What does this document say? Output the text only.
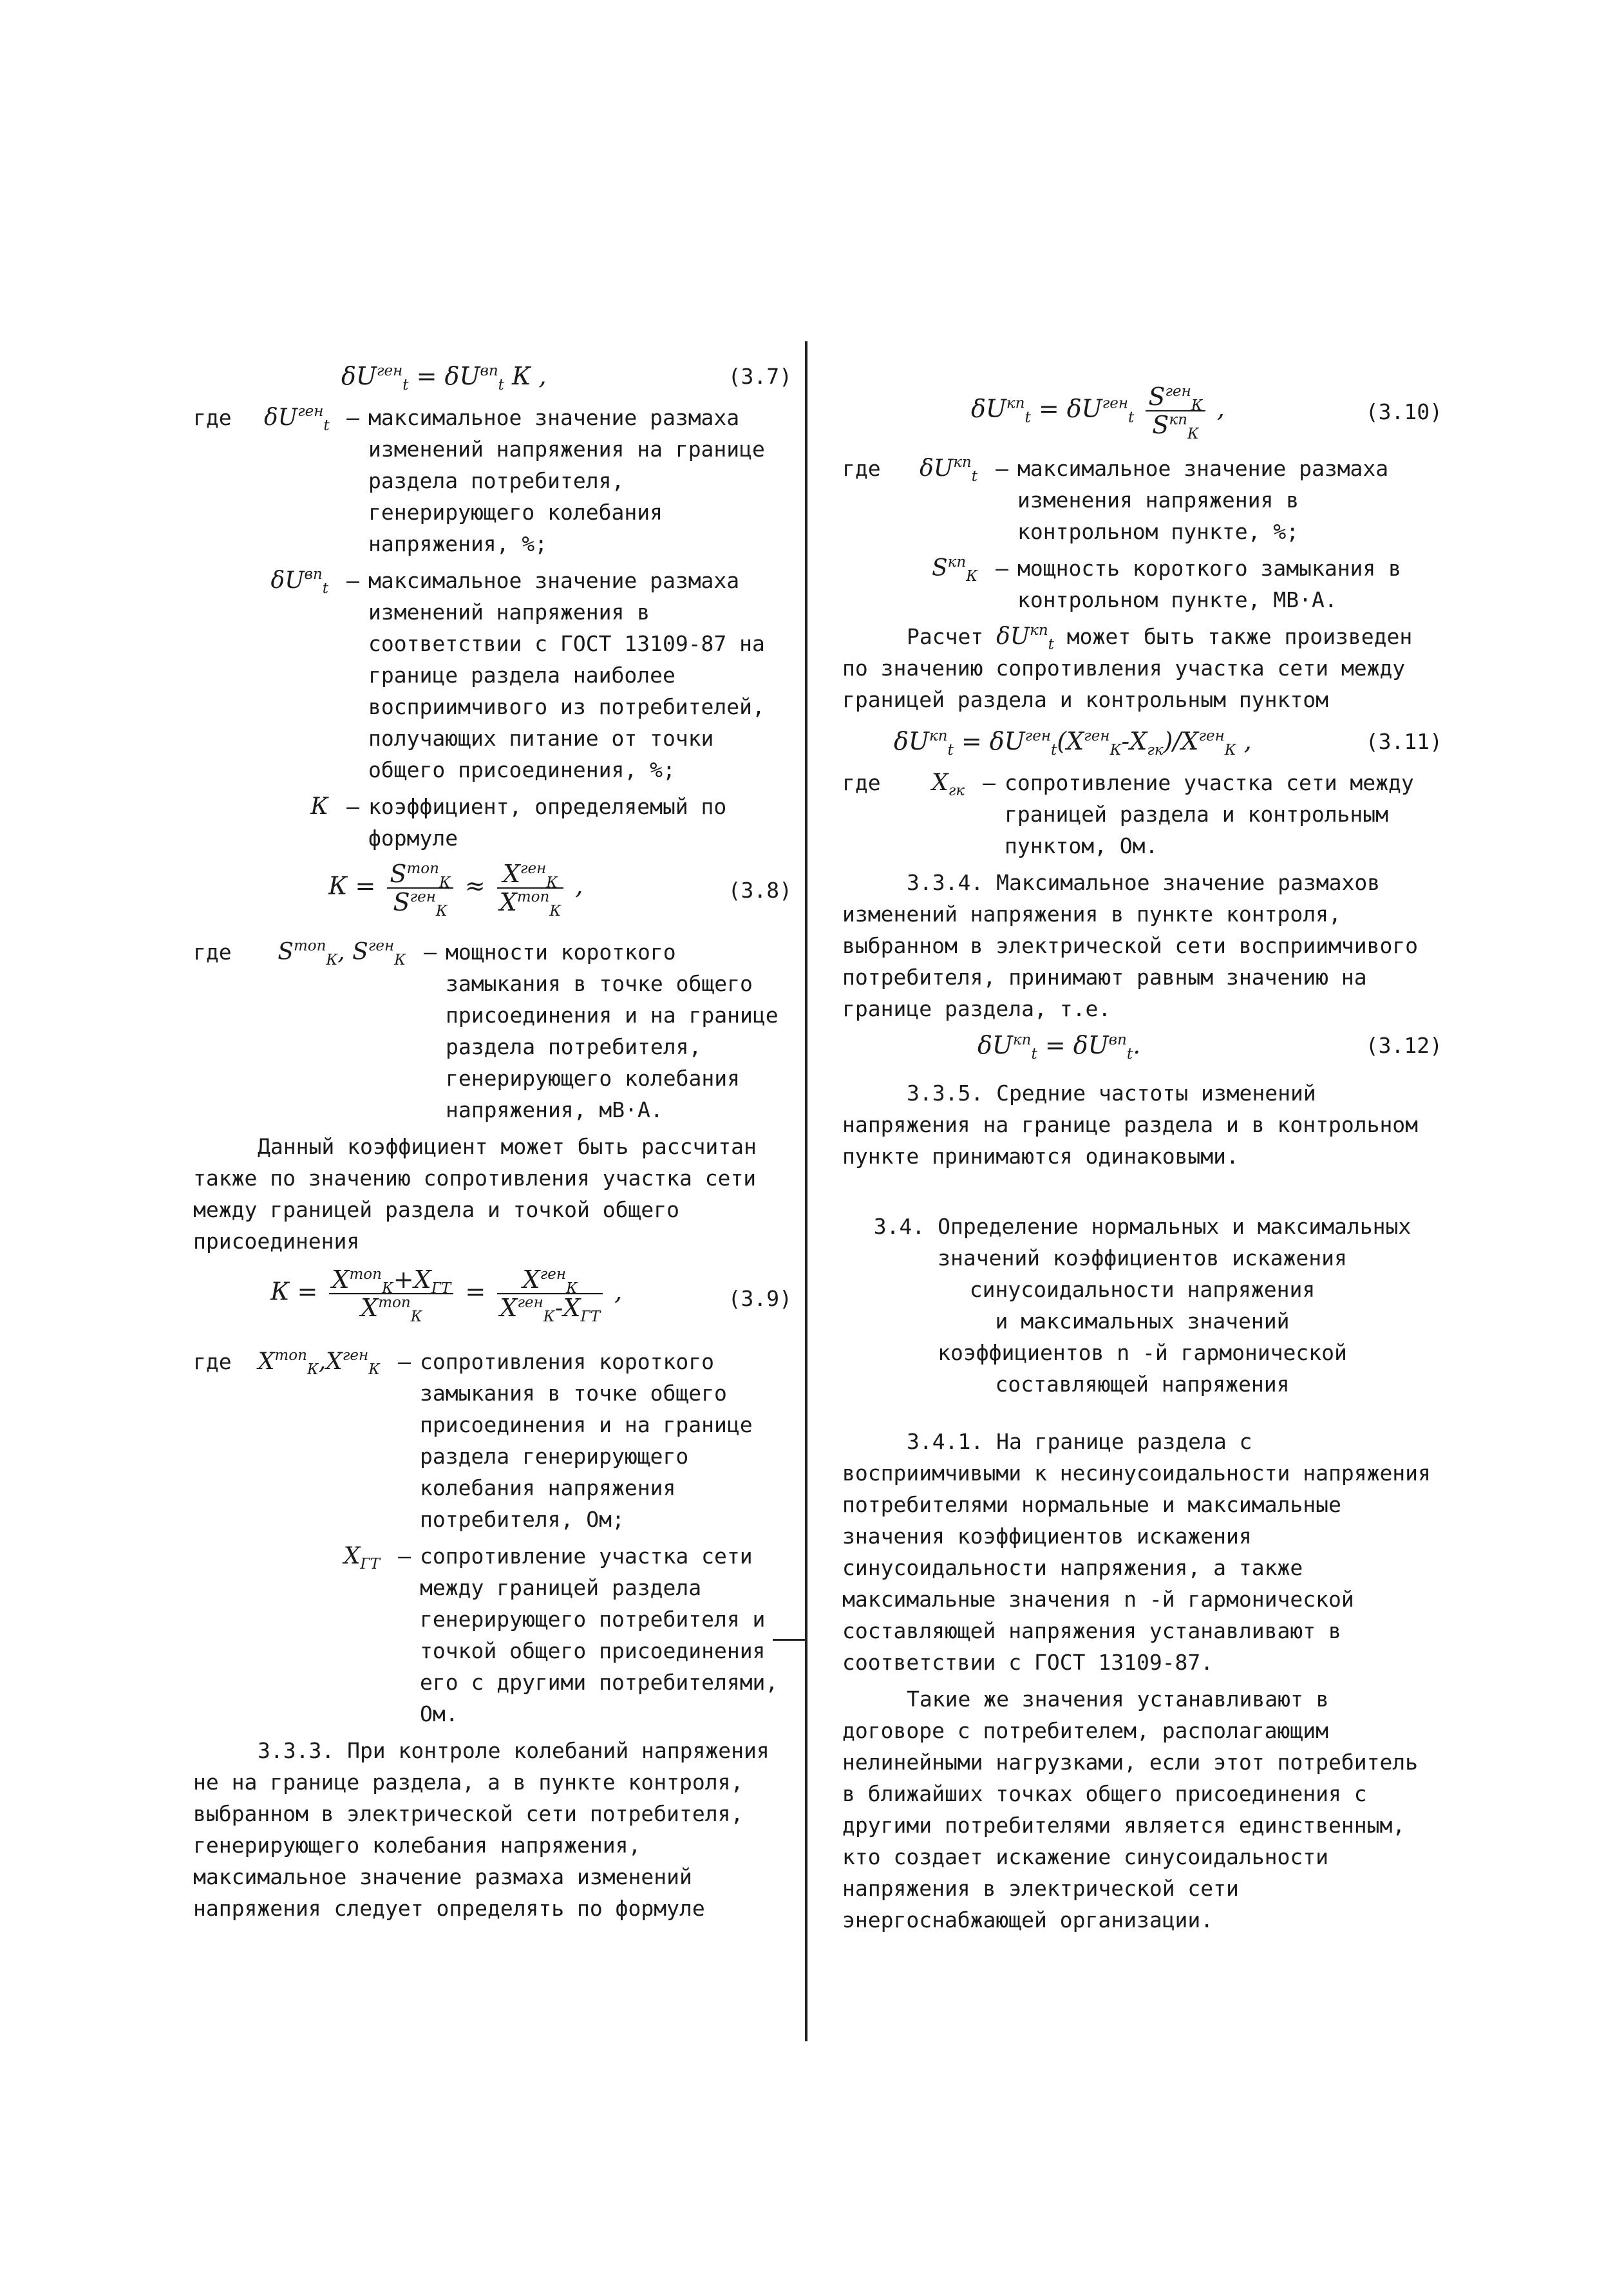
$\delta U^{ген}_t = \delta U^{вп}_t$ К ,	(3.7)
где	$\delta U^{ген}_t$ – максимальное значение размаха изменений напряжения на границе раздела потребителя, генерирующего колебания напряжения, %;
$\delta U^{вп}_t$ – максимальное значение размаха изменений напряжения в соответствии с ГОСТ 13109-87 на границе раздела наиболее восприимчивого из потребителей, получающих питание от точки общего присоединения, %;
К – коэффициент, определяемый по формуле
$К = \frac{S^{mon}_К}{S^{ген}_К} \approx \frac{X^{ген}_К}{X^{mon}_К}$ ,	(3.8)
где	$S^{mon}_К$, $S^{ген}_К$ – мощности короткого замыкания в точке общего присоединения и на границе раздела потребителя, генерирующего колебания напряжения, мВ·А.

Данный коэффициент может быть рассчитан также по значению сопротивления участка сети между границей раздела и точкой общего присоединения

$К = \frac{X^{mon}_К+X_{ГТ}}{X^{mon}_К} = \frac{X^{ген}_К}{X^{ген}_К-X_{ГТ}}$ ,	(3.9)
где	$X^{mon}_К,X^{ген}_К$ – сопротивления короткого замыкания в точке общего присоединения и на границе раздела генерирующего колебания напряжения потребителя, Ом;
$X_{ГТ}$ – сопротивление участка сети между границей раздела генерирующего потребителя и точкой общего присоединения его с другими потребителями, Ом.

3.3.3. При контроле колебаний напряжения не на границе раздела, а в пункте контроля, выбранном в электрической сети потребителя, генерирующего колебания напряжения, максимальное значение размаха изменений напряжения следует определять по формуле

$\delta U^{кп}_t = \delta U^{ген}_t \frac{S^{ген}_К}{S^{кп}_К}$ ,	(3.10)
где	$\delta U^{кп}_t$ – максимальное значение размаха изменения напряжения в контрольном пункте, %;
$S^{кп}_К$ – мощность короткого замыкания в контрольном пункте, МВ·А.

Расчет $\delta U^{кп}_t$ может быть также произведен по значению сопротивления участка сети между границей раздела и контрольным пунктом

$\delta U^{кп}_t = \delta U^{ген}_t(X^{ген}_К-X_{гк})/X^{ген}_К$ ,	(3.11)
где	$X_{гк}$ – сопротивление участка сети между границей раздела и контрольным пунктом, Ом.

3.3.4. Максимальное значение размахов изменений напряжения в пункте контроля, выбранном в электрической сети восприимчивого потребителя, принимают равным значению на границе раздела, т.е.

$\delta U^{кп}_t = \delta U^{вп}_t$.	(3.12)

3.3.5. Средние частоты изменений напряжения на границе раздела и в контрольном пункте принимаются одинаковыми.

3.4. Определение нормальных и максимальных значений коэффициентов искажения
синусоидальности напряжения
и максимальных значений
коэффициентов n -й гармонической
составляющей напряжения

3.4.1. На границе раздела с восприимчивыми к несинусоидальности напряжения потребителями нормальные и максимальные значения коэффициентов искажения синусоидальности напряжения, а также максимальные значения n -й гармонической составляющей напряжения устанавливают в соответствии с ГОСТ 13109-87.

Такие же значения устанавливают в договоре с потребителем, располагающим нелинейными нагрузками, если этот потребитель в ближайших точках общего присоединения с другими потребителями является единственным, кто создает искажение синусоидальности напряжения в электрической сети энергоснабжающей организации.
